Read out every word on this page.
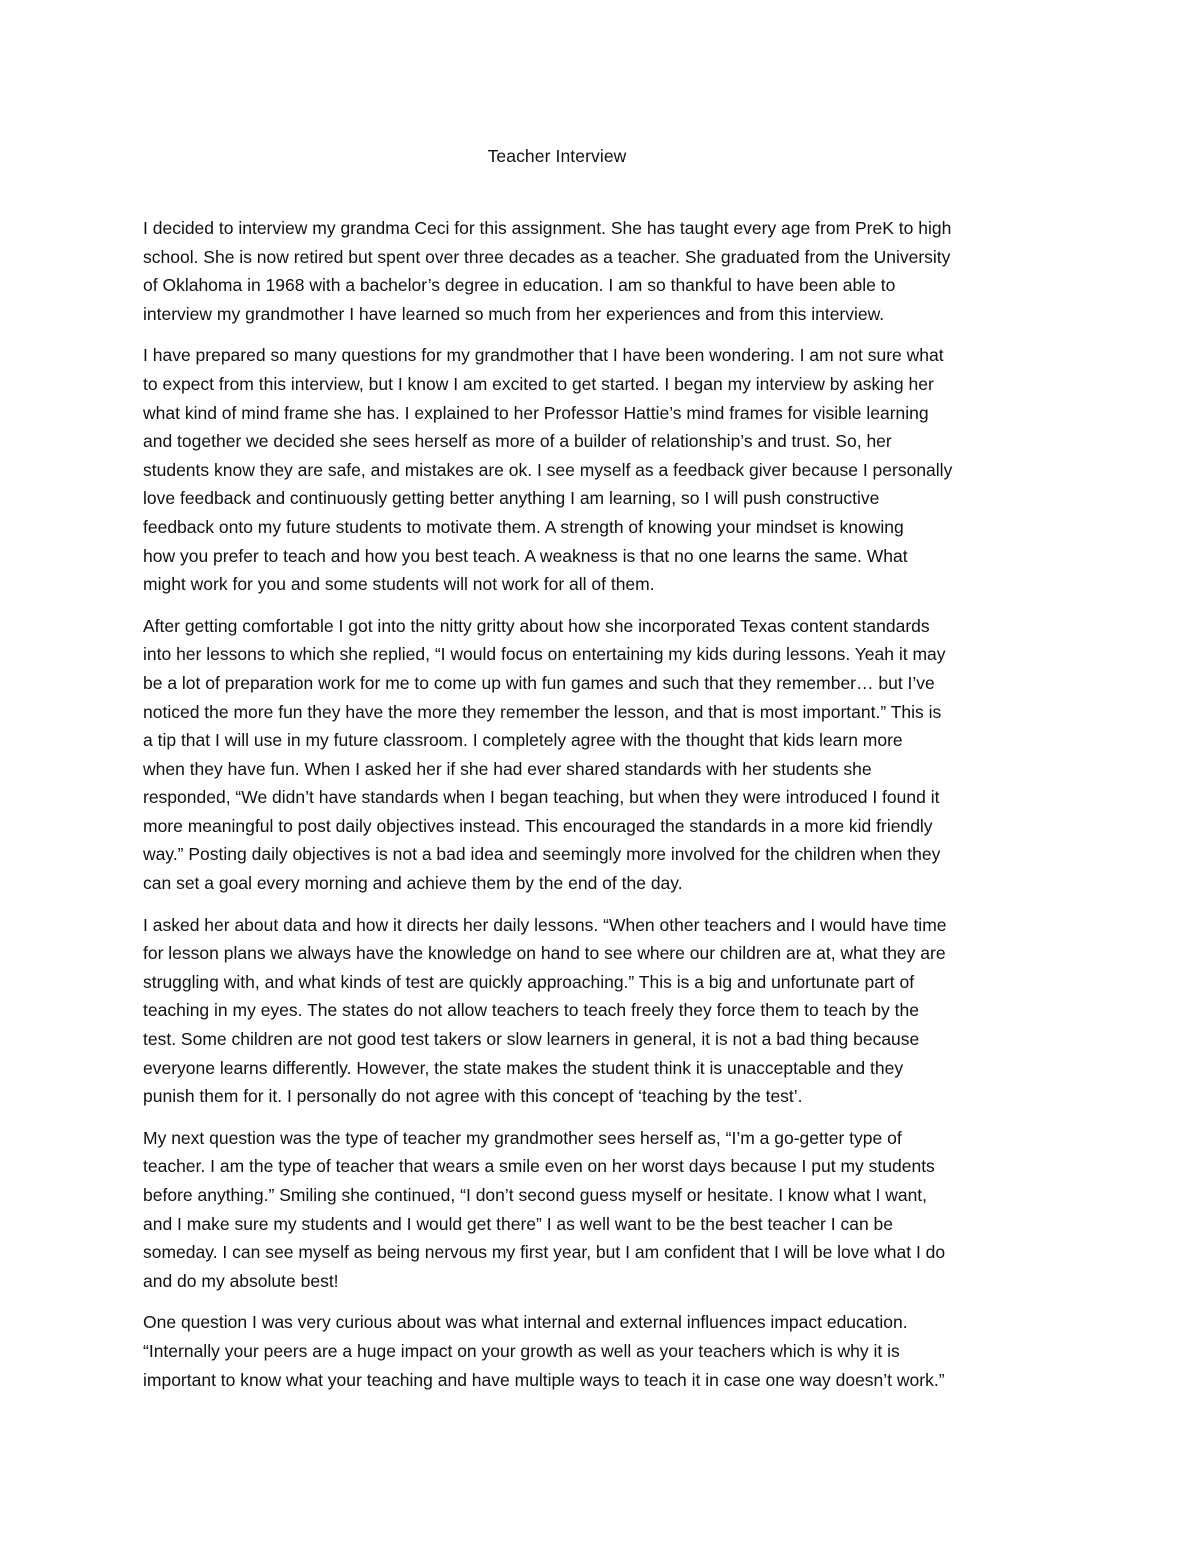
Teacher Interview

I decided to interview my grandma Ceci for this assignment. She has taught every age from PreK to high
school. She is now retired but spent over three decades as a teacher. She graduated from the University
of Oklahoma in 1968 with a bachelor’s degree in education. I am so thankful to have been able to
interview my grandmother I have learned so much from her experiences and from this interview.

I have prepared so many questions for my grandmother that I have been wondering. I am not sure what
to expect from this interview, but I know I am excited to get started. I began my interview by asking her
what kind of mind frame she has. I explained to her Professor Hattie’s mind frames for visible learning
and together we decided she sees herself as more of a builder of relationship’s and trust. So, her
students know they are safe, and mistakes are ok. I see myself as a feedback giver because I personally
love feedback and continuously getting better anything I am learning, so I will push constructive
feedback onto my future students to motivate them. A strength of knowing your mindset is knowing
how you prefer to teach and how you best teach. A weakness is that no one learns the same. What
might work for you and some students will not work for all of them.

After getting comfortable I got into the nitty gritty about how she incorporated Texas content standards
into her lessons to which she replied, “I would focus on entertaining my kids during lessons. Yeah it may
be a lot of preparation work for me to come up with fun games and such that they remember… but I’ve
noticed the more fun they have the more they remember the lesson, and that is most important.” This is
a tip that I will use in my future classroom. I completely agree with the thought that kids learn more
when they have fun. When I asked her if she had ever shared standards with her students she
responded, “We didn’t have standards when I began teaching, but when they were introduced I found it
more meaningful to post daily objectives instead. This encouraged the standards in a more kid friendly
way.” Posting daily objectives is not a bad idea and seemingly more involved for the children when they
can set a goal every morning and achieve them by the end of the day.

I asked her about data and how it directs her daily lessons. “When other teachers and I would have time
for lesson plans we always have the knowledge on hand to see where our children are at, what they are
struggling with, and what kinds of test are quickly approaching.” This is a big and unfortunate part of
teaching in my eyes. The states do not allow teachers to teach freely they force them to teach by the
test. Some children are not good test takers or slow learners in general, it is not a bad thing because
everyone learns differently. However, the state makes the student think it is unacceptable and they
punish them for it. I personally do not agree with this concept of ‘teaching by the test’.

My next question was the type of teacher my grandmother sees herself as, “I’m a go-getter type of
teacher. I am the type of teacher that wears a smile even on her worst days because I put my students
before anything.” Smiling she continued, “I don’t second guess myself or hesitate. I know what I want,
and I make sure my students and I would get there” I as well want to be the best teacher I can be
someday. I can see myself as being nervous my first year, but I am confident that I will be love what I do
and do my absolute best!

One question I was very curious about was what internal and external influences impact education.
“Internally your peers are a huge impact on your growth as well as your teachers which is why it is
important to know what your teaching and have multiple ways to teach it in case one way doesn’t work.”
